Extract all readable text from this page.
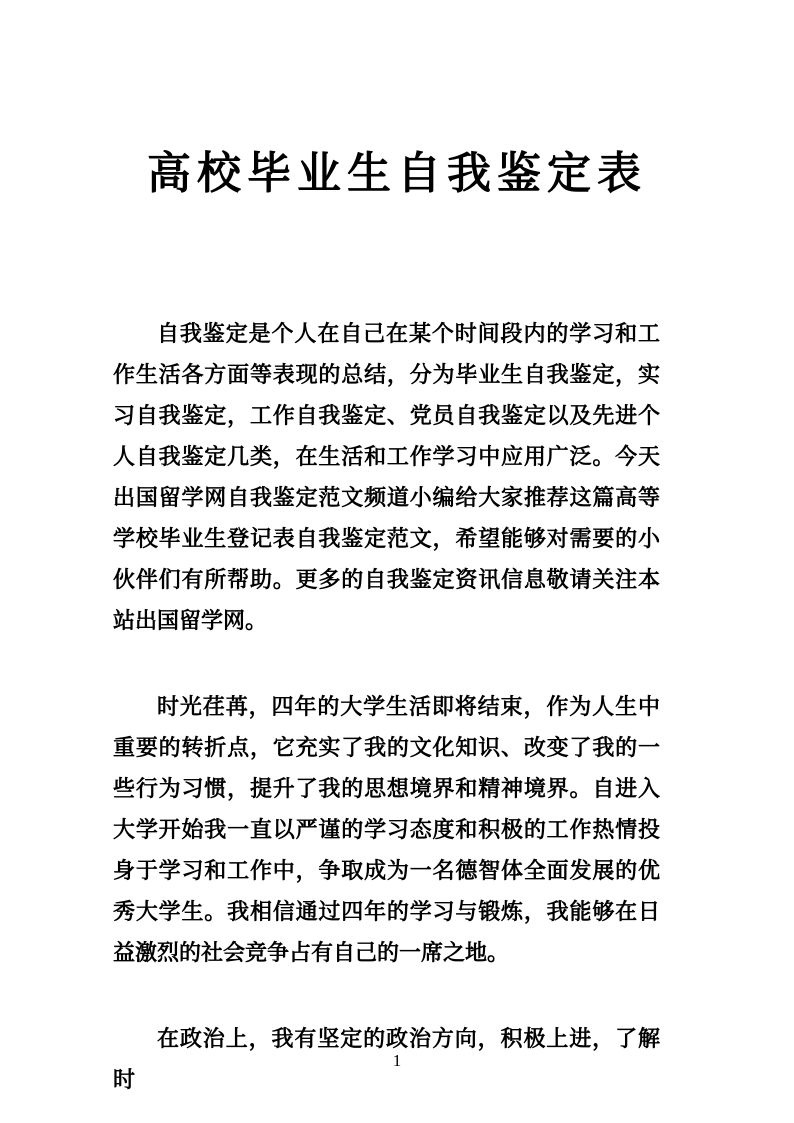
高校毕业生自我鉴定表

自我鉴定是个人在自己在某个时间段内的学习和工作生活各方面等表现的总结，分为毕业生自我鉴定，实习自我鉴定，工作自我鉴定、党员自我鉴定以及先进个人自我鉴定几类，在生活和工作学习中应用广泛。今天出国留学网自我鉴定范文频道小编给大家推荐这篇高等学校毕业生登记表自我鉴定范文，希望能够对需要的小伙伴们有所帮助。更多的自我鉴定资讯信息敬请关注本站出国留学网。

时光荏苒，四年的大学生活即将结束，作为人生中重要的转折点，它充实了我的文化知识、改变了我的一些行为习惯，提升了我的思想境界和精神境界。自进入大学开始我一直以严谨的学习态度和积极的工作热情投身于学习和工作中，争取成为一名德智体全面发展的优秀大学生。我相信通过四年的学习与锻炼，我能够在日益激烈的社会竞争占有自己的一席之地。

在政治上，我有坚定的政治方向，积极上进，了解时

1
